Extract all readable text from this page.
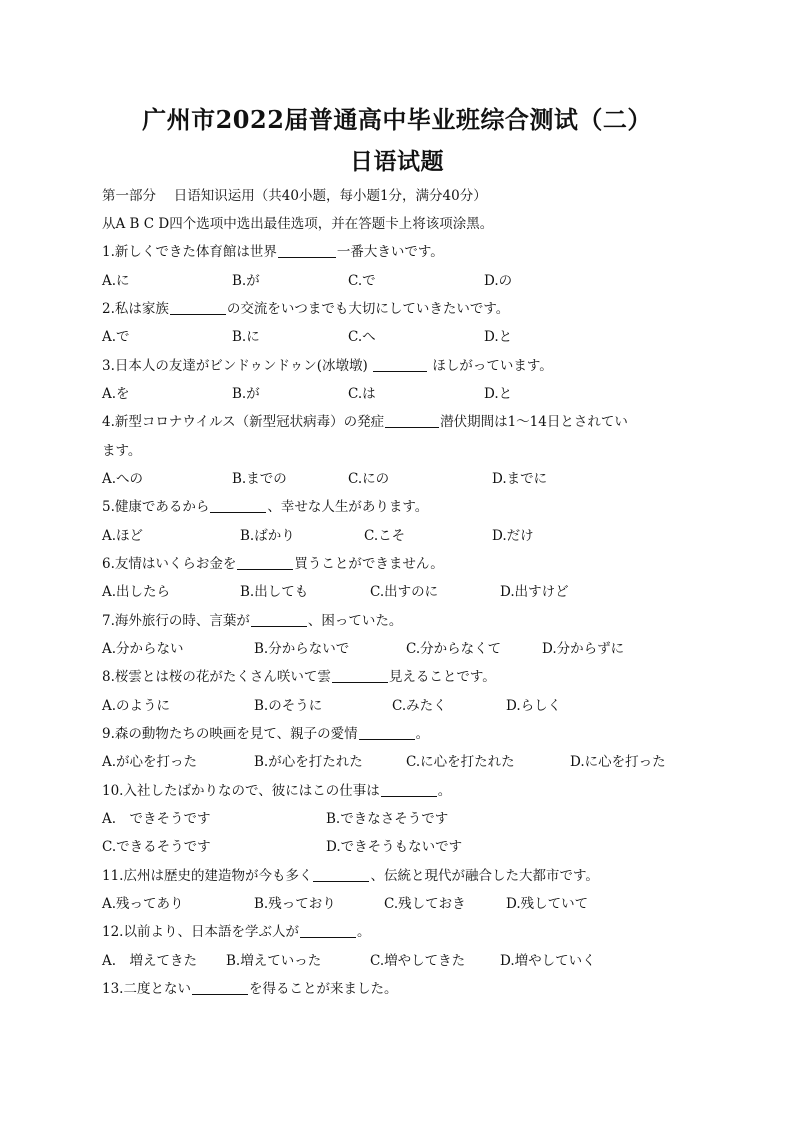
广州市2022届普通高中毕业班综合测试（二）
日语试题
第一部分　 日语知识运用（共40小题，每小题1分，满分40分）
从A B C D四个选项中选出最佳选项，并在答题卡上将该项涂黑。
1.新しくできた体育館は世界	一番大きいです。
A.に	B.が	C.で	D.の
2.私は家族	の交流をいつまでも大切にしていきたいです。
A.で	B.に	C.へ	D.と
3.日本人の友達がビンドゥンドゥン(冰墩墩)	ほしがっています。
A.を	B.が	C.は	D.と
4.新型コロナウイルス（新型冠状病毒）の発症	潜伏期間は1～14日とされてい
ます。
A.への	B.までの	C.にの	D.までに
5.健康であるから	、幸せな人生があります。
A.ほど	B.ばかり	C.こそ	D.だけ
6.友情はいくらお金を	買うことができません。
A.出したら	B.出しても	C.出すのに	D.出すけど
7.海外旅行の時、言葉が	、困っていた。
A.分からない	B.分からないで	C.分からなくて	D.分からずに
8.桜雲とは桜の花がたくさん咲いて雲	見えることです。
A.のように	B.のそうに	C.みたく	D.らしく
9.森の動物たちの映画を見て、親子の愛情	。
A.が心を打った	B.が心を打たれた	C.に心を打たれた	D.に心を打った
10.入社したばかりなので、彼にはこの仕事は	。
A.　できそうです	B.できなさそうです
C.できるそうです	D.できそうもないです
11.広州は歴史的建造物が今も多く	、伝統と現代が融合した大都市です。
A.残ってあり	B.残っており	C.残しておき	D.残していて
12.以前より、日本語を学ぶ人が	。
A.　増えてきた B.増えていった	C.増やしてきた	D.増やしていく
13.二度とない	を得ることが来ました。
